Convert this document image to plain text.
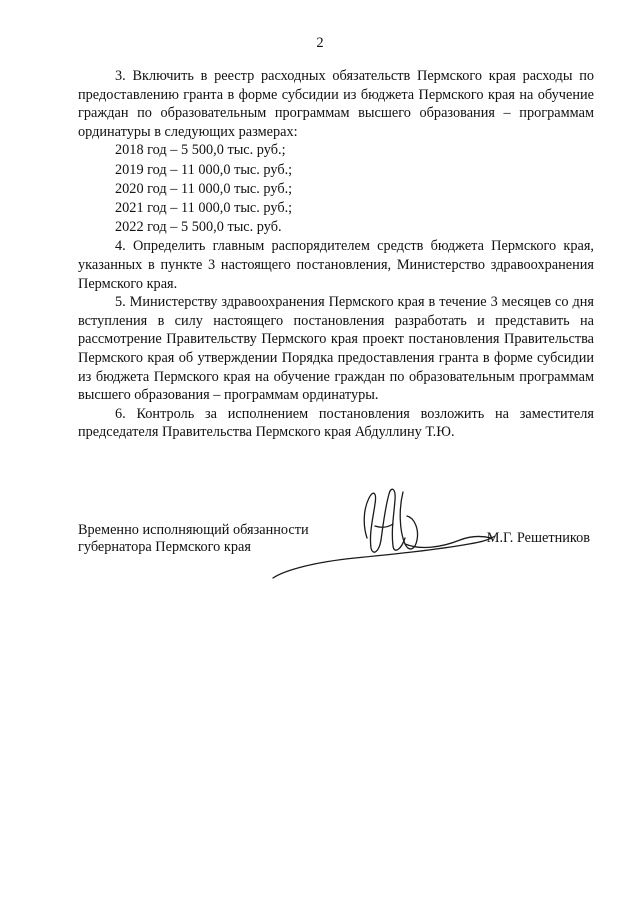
2

3. Включить в реестр расходных обязательств Пермского края расходы по предоставлению гранта в форме субсидии из бюджета Пермского края на обучение граждан по образовательным программам высшего образования – программам ординатуры в следующих размерах:

2018 год – 5 500,0 тыс. руб.;

2019 год – 11 000,0 тыс. руб.;

2020 год – 11 000,0 тыс. руб.;

2021 год – 11 000,0 тыс. руб.;

2022 год – 5 500,0 тыс. руб.

4. Определить главным распорядителем средств бюджета Пермского края, указанных в пункте 3 настоящего постановления, Министерство здравоохранения Пермского края.

5. Министерству здравоохранения Пермского края в течение 3 месяцев со дня вступления в силу настоящего постановления разработать и представить на рассмотрение Правительству Пермского края проект постановления Правительства Пермского края об утверждении Порядка предоставления гранта в форме субсидии из бюджета Пермского края на обучение граждан по образовательным программам высшего образования – программам ординатуры.

6. Контроль за исполнением постановления возложить на заместителя председателя Правительства Пермского края Абдуллину Т.Ю.

Временно исполняющий обязанности
губернатора Пермского края
М.Г. Решетников
